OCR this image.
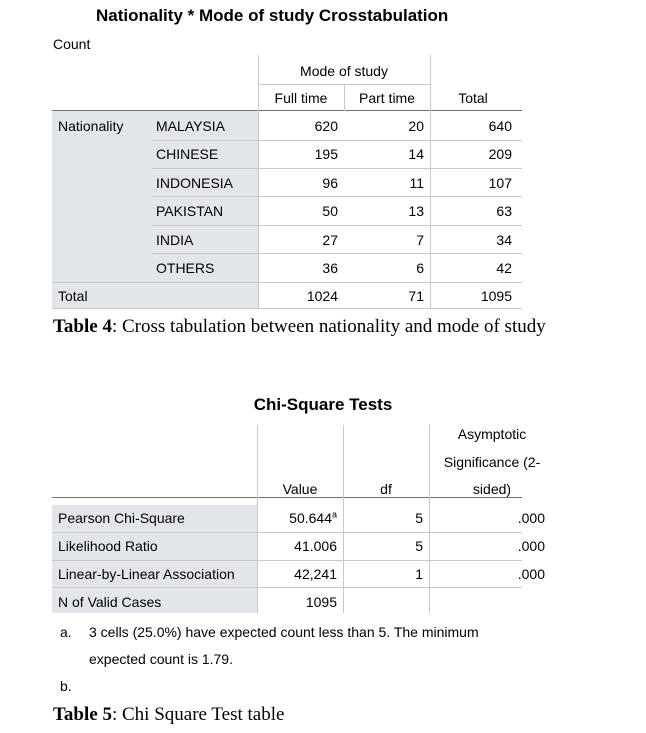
Nationality * Mode of study Crosstabulation
Count
Mode of study
Full time	Part time	Total
Nationality MALAYSIA	620	20	640
CHINESE	195	14	209
INDONESIA	96	11	107
PAKISTAN	50	13	63
INDIA	27	7	34
OTHERS	36	6	42
Total	1024	71	1095
Table 4: Cross tabulation between nationality and mode of study
Chi-Square Tests
Value	df
Asymptotic
Significance (2-
sided)
Pearson Chi-Square	50.644$^a$	5	.000
Likelihood Ratio	41.006	5	.000
Linear-by-Linear Association	42,241	1	.000
N of Valid Cases	1095
a. 3 cells (25.0%) have expected count less than 5. The minimum
expected count is 1.79.
b.
Table 5: Chi Square Test table
